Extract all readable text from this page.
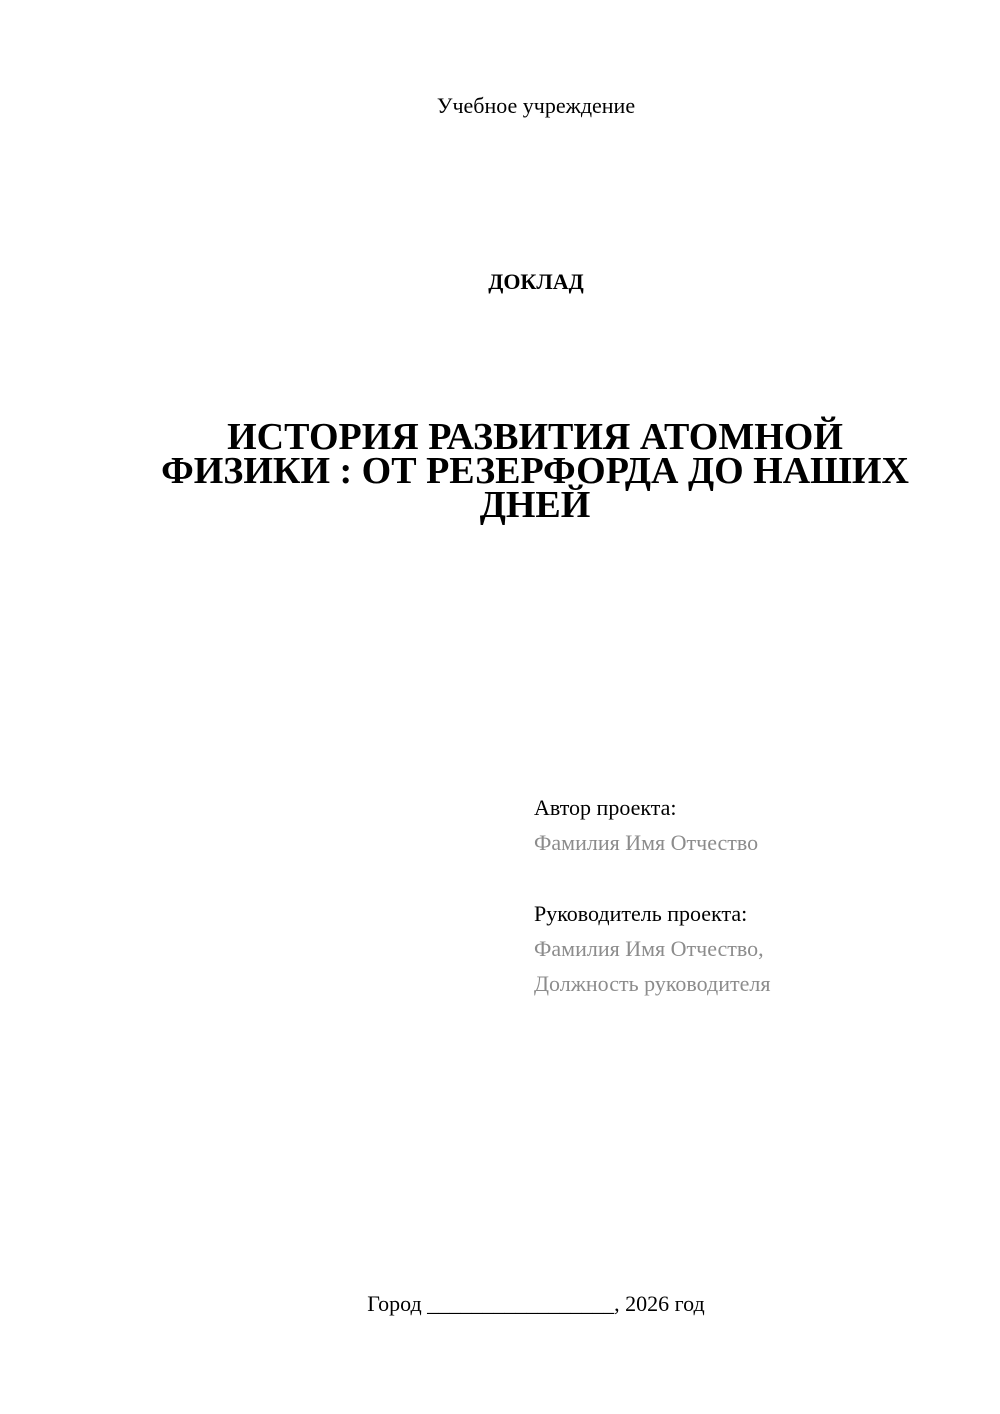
Учебное учреждение
ДОКЛАД
ИСТОРИЯ РАЗВИТИЯ АТОМНОЙ
ФИЗИКИ : ОТ РЕЗЕРФОРДА ДО НАШИХ
ДНЕЙ
Автор проекта:
Фамилия Имя Отчество
Руководитель проекта:
Фамилия Имя Отчество,
Должность руководителя
Город _________________, 2026 год
